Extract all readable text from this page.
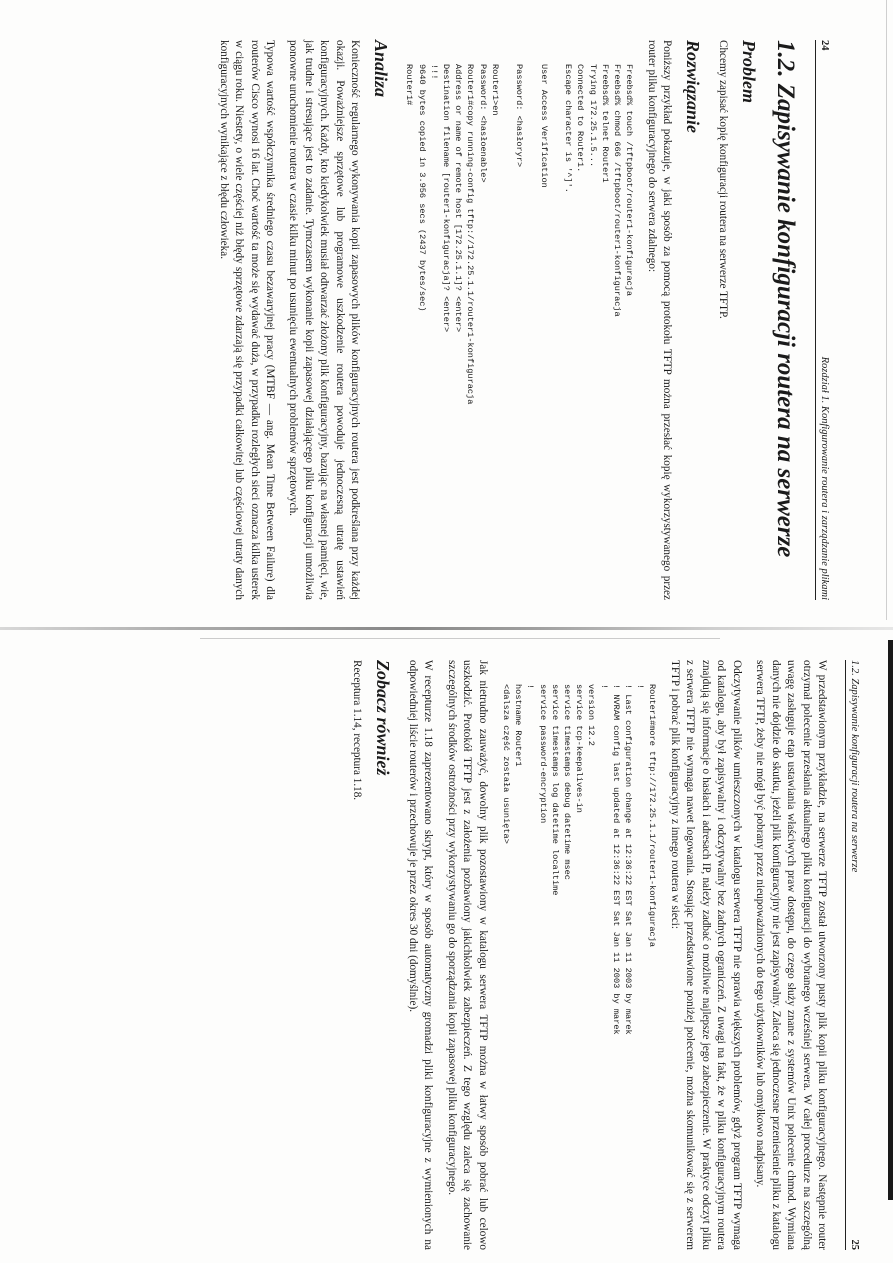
24
Rozdział 1. Konfigurowanie routera i zarządzanie plikami
1.2. Zapisywanie konfiguracji routera na serwerze
Problem

Chcemy zapisać kopię konfiguracji routera na serwerze TFTP.

Rozwiązanie

Poniższy przykład pokazuje, w jaki sposób za pomocą protokołu TFTP można przesłać kopię wykorzystywanego przez router pliku konfiguracyjnego do serwera zdalnego:

Freebsd% touch /tftpboot/router1-konfiguracja
Freebsd% chmod 666 /tftpboot/router1-konfiguracja
Freebsd% telnet Router1
Trying 172.25.1.5...
Connected to Router1.
Escape character is '^]'.

User Access Verification

Password: <hasłoryr>

Router1>en
Password: <hasłoenable>
Router1#copy running-config tftp://172.25.1.1/router1-konfiguracja
Address or name of remote host [172.25.1.1]? <enter>
Destination filename [router1-konfiguracja]? <enter>
!!!
9640 bytes copied in 3.956 secs (2437 bytes/sec)
Router1#
Analiza

Konieczność regularnego wykonywania kopii zapasowych plików konfiguracyjnych routera jest podkreślana przy każdej okazji. Poważniejsze sprzętowe lub programowe uszkodzenie routera powoduje jednoczesną utratę ustawień konfiguracyjnych. Każdy, kto kiedykolwiek musiał odtwarzać złożony plik konfiguracyjny, bazując na własnej pamięci, wie, jak trudne i stresujące jest to zadanie. Tymczasem wykonanie kopii zapasowej działającego pliku konfiguracji umożliwia ponowne uruchomienie routera w czasie kilku minut po usunięciu ewentualnych problemów sprzętowych.

Typowa wartość współczynnika średniego czasu bezawaryjnej pracy (MTBF — ang. Mean Time Between Failure) dla routerów Cisco wynosi 16 lat. Choć wartość ta może się wydawać duża, w przypadku rozległych sieci oznacza kilka usterek w ciągu roku. Niestety, o wiele częściej niż błędy sprzętowe zdarzają się przypadki całkowitej lub częściowej utraty danych konfiguracyjnych wynikające z błędu człowieka.

1.2. Zapisywanie konfiguracji routera na serwerze
25

W przedstawionym przykładzie, na serwerze TFTP został utworzony pusty plik kopii pliku konfiguracyjnego. Następnie router otrzymał polecenie przesłania aktualnego pliku konfiguracji do wybranego wcześniej serwera. W całej procedurze na szczególną uwagę zasługuje etap ustawiania właściwych praw dostępu, do czego służy znane z systemów Unix polecenie chmod. Wymiana danych nie dojdzie do skutku, jeżeli plik konfiguracyjny nie jest zapisywalny. Zaleca się jednoczesne przeniesienie pliku z katalogu serwera TFTP, żeby nie mógł być pobrany przez nieupoważnionych do tego użytkowników lub omyłkowo nadpisany.

Odczytywanie plików umieszczonych w katalogu serwera TFTP nie sprawia większych problemów, gdyż program TFTP wymaga od katalogu, aby był zapisywalny i odczytywalny bez żadnych ograniczeń. Z uwagi na fakt, że w pliku konfiguracyjnym routera znajdują się informacje o hasłach i adresach IP, należy zadbać o możliwie najlepsze jego zabezpieczenie. W praktyce odczyt pliku z serwera TFTP nie wymaga nawet logowania. Stosując przedstawione poniżej polecenie, można skomunikować się z serwerem TFTP i pobrać plik konfiguracyjny z innego routera w sieci:

Router1#more tftp://172.25.1.1/router1-konfiguracja
!
! Last configuration change at 12:36:22 EST Sat Jan 11 2003 by marek
! NVRAM config last updated at 12:36:22 EST Sat Jan 11 2003 by marek
!
version 12.2
service tcp-keepalives-in
service timestamps debug datetime msec
service timestamps log datetime localtime
service password-encryption
!
hostname Router1
<dalsza część została usunięta>

Jak nietrudno zauważyć, dowolny plik pozostawiony w katalogu serwera TFTP można w łatwy sposób pobrać lub celowo uszkodzić. Protokół TFTP jest z założenia pozbawiony jakichkolwiek zabezpieczeń. Z tego względu zaleca się zachowanie szczególnych środków ostrożności przy wykorzystywaniu go do sporządzania kopii zapasowej pliku konfiguracyjnego.

W recepturze 1.18 zaprezentowano skrypt, który w sposób automatyczny gromadzi pliki konfiguracyjne z wymienionych na odpowiedniej liście routerów i przechowuje je przez okres 30 dni (domyślnie).

Zobacz również
Receptura 1.14, receptura 1.18.
